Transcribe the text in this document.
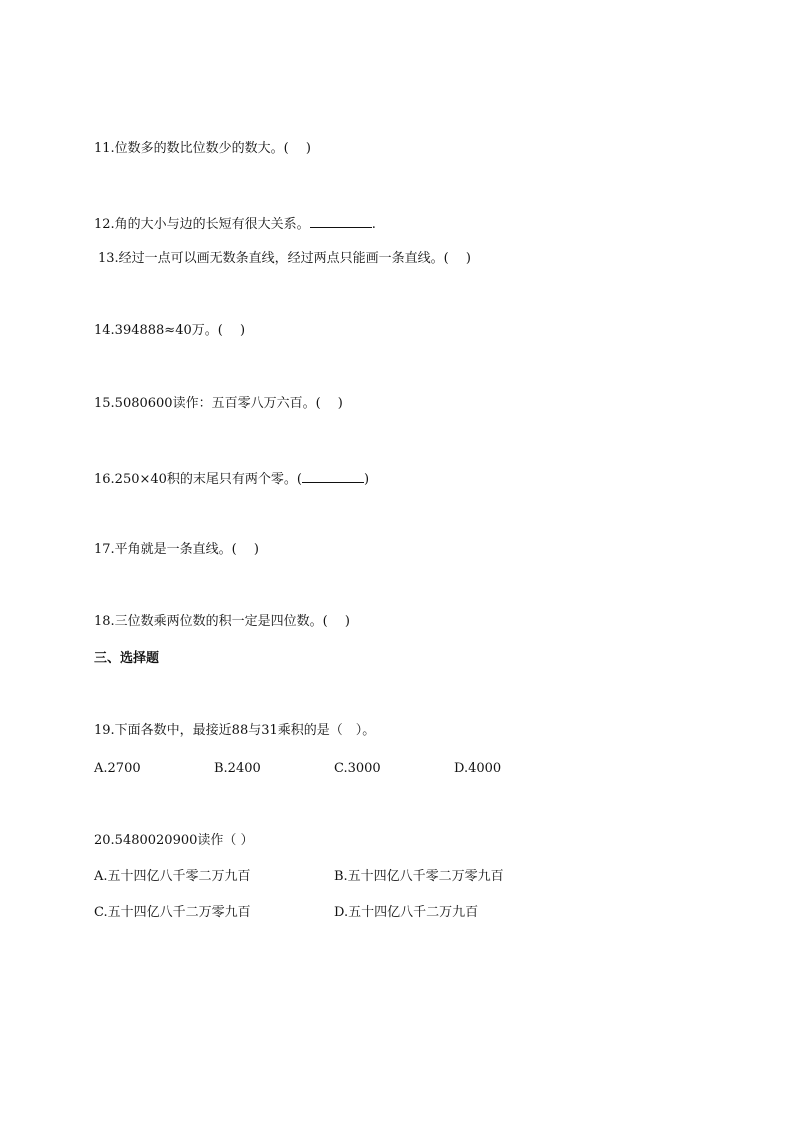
11.位数多的数比位数少的数大。(　 )
12.角的大小与边的长短有很大关系。	.
13.经过一点可以画无数条直线，经过两点只能画一条直线。(　 )
14.394888≈40万。(　 )
15.5080600读作：五百零八万六百。(　 )
16.250×40积的末尾只有两个零。(	)
17.平角就是一条直线。(　 )
18.三位数乘两位数的积一定是四位数。(　 )
三、选择题
19.下面各数中，最接近88与31乘积的是（　）。
A.2700	B.2400	C.3000	D.4000
20.5480020900读作（ ）
A.五十四亿八千零二万九百	B.五十四亿八千零二万零九百
C.五十四亿八千二万零九百	D.五十四亿八千二万九百
